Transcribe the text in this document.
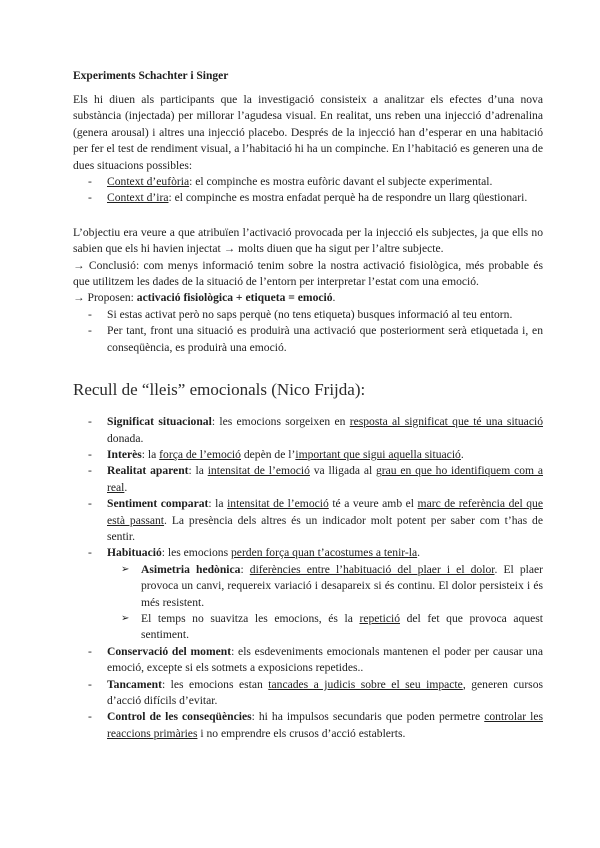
Experiments Schachter i Singer

Els hi diuen als participants que la investigació consisteix a analitzar els efectes d’una nova substància (injectada) per millorar l’agudesa visual. En realitat, uns reben una injecció d’adrenalina (genera arousal) i altres una injecció placebo. Després de la injecció han d’esperar en una habitació per fer el test de rendiment visual, a l’habitació hi ha un compinche. En l’habitació es generen una de dues situacions possibles:

- Context d’eufòria: el compinche es mostra eufòric davant el subjecte experimental.
- Context d’ira: el compinche es mostra enfadat perquè ha de respondre un llarg qüestionari.

L’objectiu era veure a que atribuïen l’activació provocada per la injecció els subjectes, ja que ells no sabien que els hi havien injectat → molts diuen que ha sigut per l’altre subjecte.

→ Conclusió: com menys informació tenim sobre la nostra activació fisiològica, més probable és que utilitzem les dades de la situació de l’entorn per interpretar l’estat com una emoció.

→ Proposen: activació fisiològica + etiqueta = emoció.

- Si estas activat però no saps perquè (no tens etiqueta) busques informació al teu entorn.
- Per tant, front una situació es produirà una activació que posteriorment serà etiquetada i, en conseqüència, es produirà una emoció.
Recull de “lleis” emocionals (Nico Frijda):
- Significat situacional: les emocions sorgeixen en resposta al significat que té una situació donada.
- Interès: la força de l’emoció depèn de l’important que sigui aquella situació.
- Realitat aparent: la intensitat de l’emoció va lligada al grau en que ho identifiquem com a real.
- Sentiment comparat: la intensitat de l’emoció té a veure amb el marc de referència del que està passant. La presència dels altres és un indicador molt potent per saber com t’has de sentir.
- Habituació: les emocions perden força quan t’acostumes a tenir-la.
➢ Asimetria hedònica: diferències entre l’habituació del plaer i el dolor. El plaer provoca un canvi, requereix variació i desapareix si és continu. El dolor persisteix i és més resistent.
➢ El temps no suavitza les emocions, és la repetició del fet que provoca aquest sentiment.
- Conservació del moment: els esdeveniments emocionals mantenen el poder per causar una emoció, excepte si els sotmets a exposicions repetides..
- Tancament: les emocions estan tancades a judicis sobre el seu impacte, generen cursos d’acció difícils d’evitar.
- Control de les conseqüències: hi ha impulsos secundaris que poden permetre controlar les reaccions primàries i no emprendre els crusos d’acció establerts.
